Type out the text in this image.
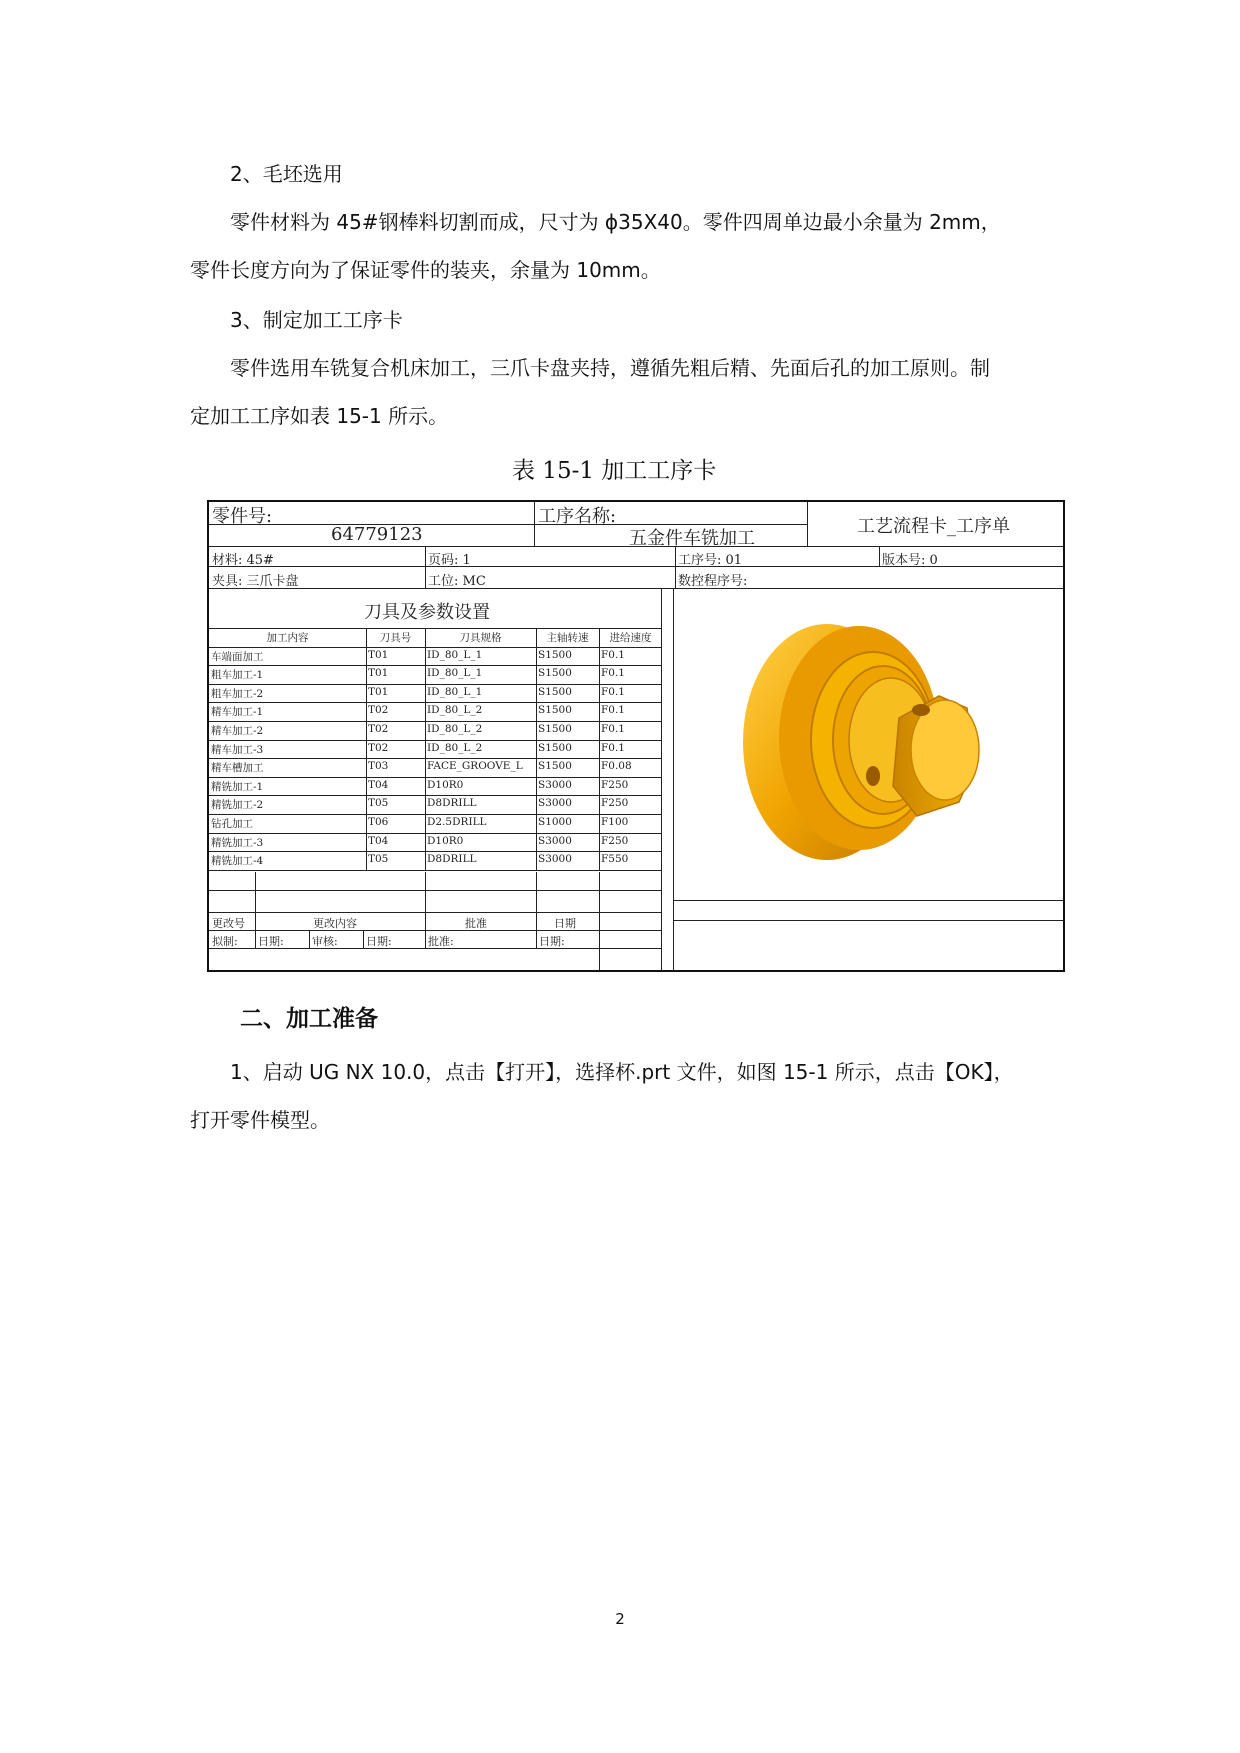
2、毛坯选用
零件材料为 45#钢棒料切割而成，尺寸为 ϕ35X40。零件四周单边最小余量为 2mm，
零件长度方向为了保证零件的装夹，余量为 10mm。
3、制定加工工序卡
零件选用车铣复合机床加工，三爪卡盘夹持，遵循先粗后精、先面后孔的加工原则。制
定加工工序如表 15-1 所示。
表 15-1 加工工序卡
零件号:
64779123
工序名称:
五金件车铣加工
工艺流程卡_工序单
材料: 45#	页码: 1	工序号: 01	版本号: 0
夹具: 三爪卡盘	工位: MC	数控程序号:
刀具及参数设置
加工内容	刀具号	刀具规格	主轴转速	进给速度
车端面加工	T01	ID_80_L_1	S1500	F0.1
粗车加工-1	T01	ID_80_L_1	S1500	F0.1
粗车加工-2	T01	ID_80_L_1	S1500	F0.1
精车加工-1	T02	ID_80_L_2	S1500	F0.1
精车加工-2	T02	ID_80_L_2	S1500	F0.1
精车加工-3	T02	ID_80_L_2	S1500	F0.1
精车槽加工	T03	FACE_GROOVE_L S1500	F0.08
精铣加工-1	T04	D10R0	S3000	F250
精铣加工-2	T05	D8DRILL	S3000	F250
钻孔加工	T06	D2.5DRILL	S1000	F100
精铣加工-3	T04	D10R0	S3000	F250
精铣加工-4	T05	D8DRILL	S3000	F550
更改号	更改内容	批准	日期
拟制: 日期:	审核:	日期:	批准:	日期:
二、加工准备
1、启动 UG NX 10.0，点击【打开】，选择杯.prt 文件，如图 15-1 所示，点击【OK】，
打开零件模型。
2
